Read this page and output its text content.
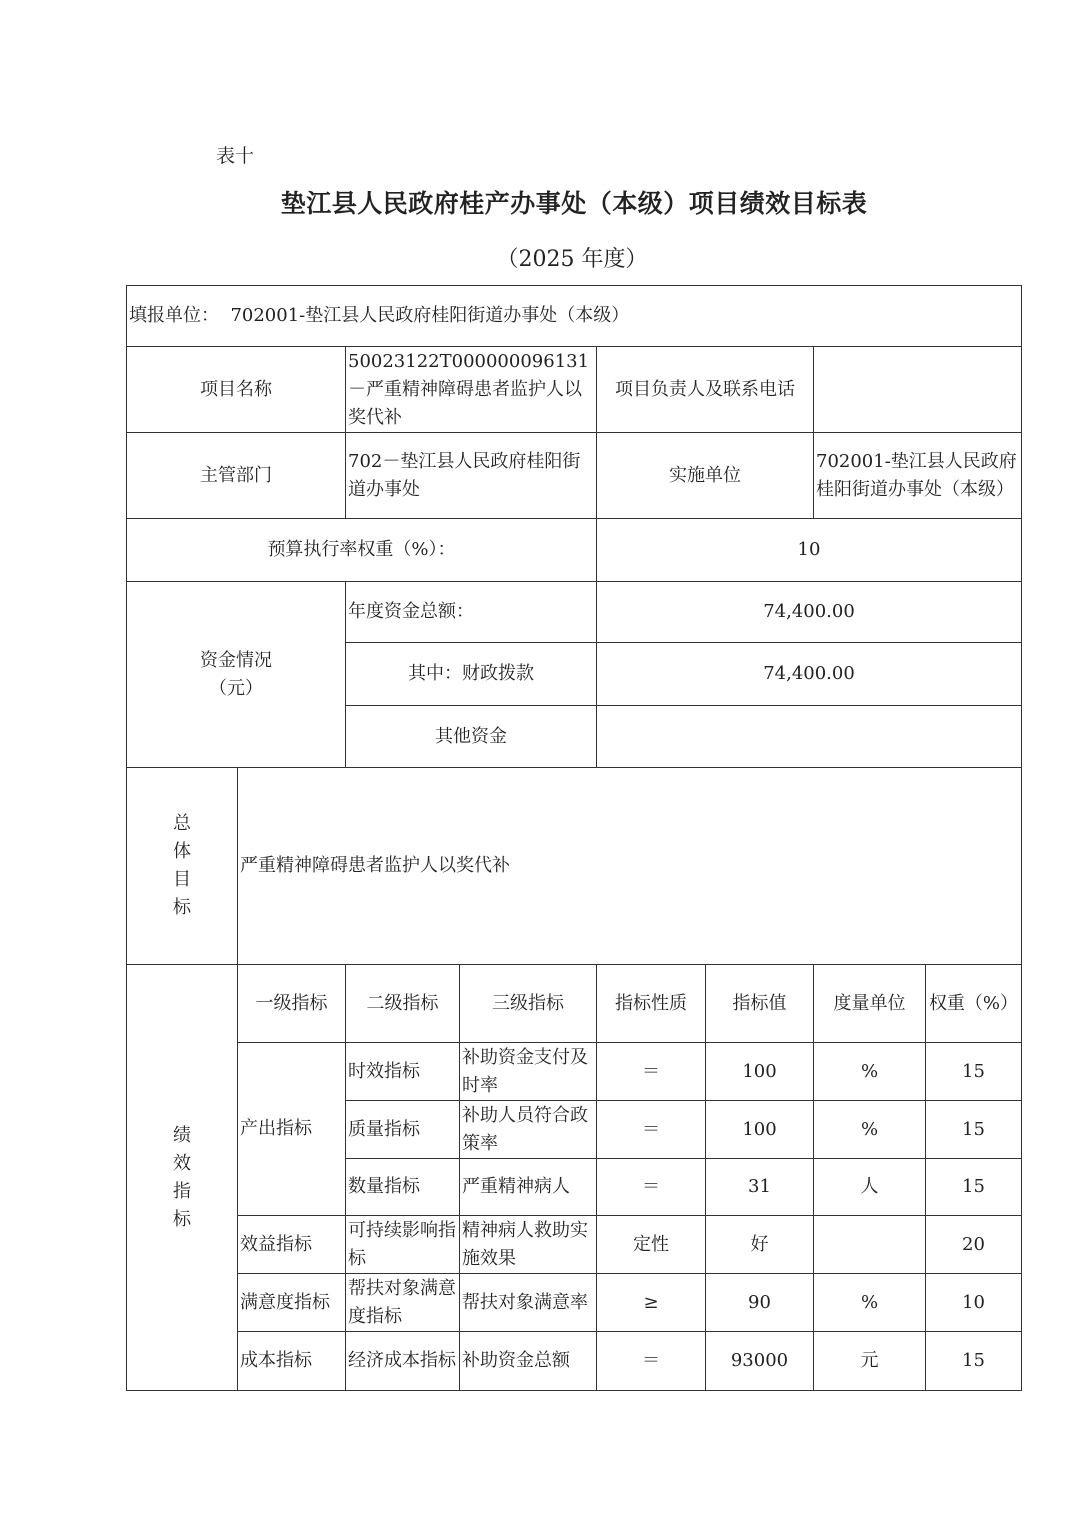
表十
垫江县人民政府桂产办事处（本级）项目绩效目标表
（2025 年度）
填报单位： 702001-垫江县人民政府桂阳街道办事处（本级）							
项目名称		50023122T000000096131－严重精神障碍患者监护人以奖代补		项目负责人及联系电话			
主管部门		702－垫江县人民政府桂阳街道办事处		实施单位		702001-垫江县人民政府桂阳街道办事处（本级）	
预算执行率权重（%）：				10			

资金情况
（元）		年度资金总额：		74,400.00			
		其中：财政拨款		74,400.00			
		其他资金					

总
体
目
标	严重精神障碍患者监护人以奖代补						

绩
效
指
标	一级指标	二级指标	三级指标	指标性质	指标值	度量单位	权重（%）
	产出指标	时效指标	补助资金支付及时率	＝	100	%	15
		质量指标	补助人员符合政策率	＝	100	%	15
		数量指标	严重精神病人	＝	31	人	15
	效益指标	可持续影响指标	精神病人救助实施效果	定性	好		20
	满意度指标	帮扶对象满意度指标	帮扶对象满意率	≥	90	%	10
	成本指标	经济成本指标	补助资金总额	＝	93000	元	15
